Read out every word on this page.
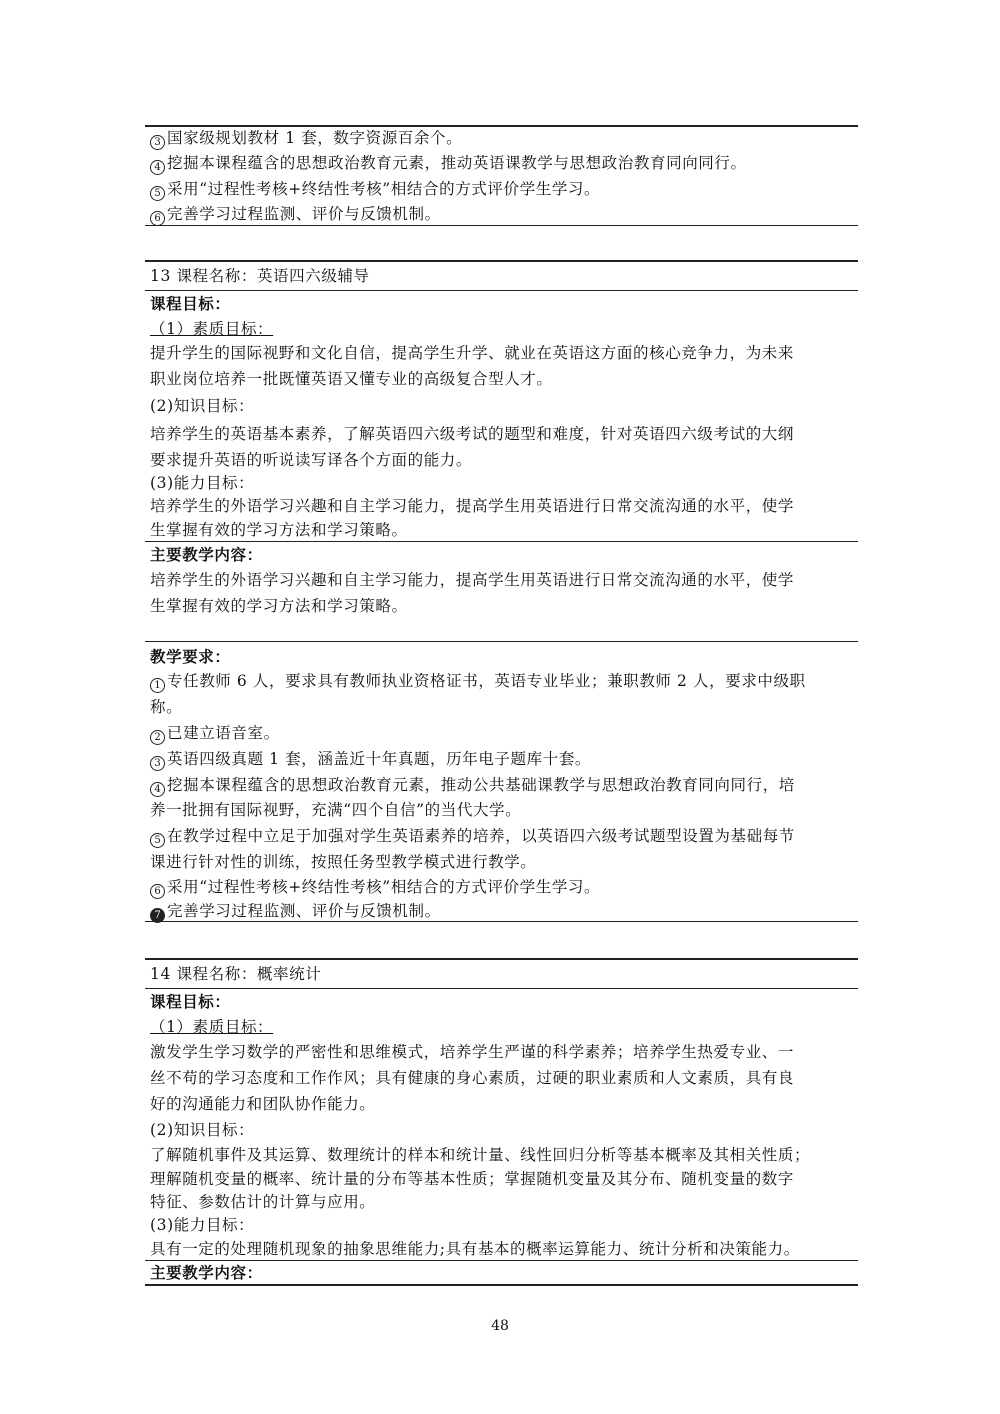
3 国家级规划教材 1 套，数字资源百余个。
4 挖掘本课程蕴含的思想政治教育元素，推动英语课教学与思想政治教育同向同行。
5 采用“过程性考核+终结性考核”相结合的方式评价学生学习。
6 完善学习过程监测、评价与反馈机制。
13 课程名称：英语四六级辅导
课程目标：
（1）素质目标：
提升学生的国际视野和文化自信，提高学生升学、就业在英语这方面的核心竞争力，为未来
职业岗位培养一批既懂英语又懂专业的高级复合型人才。
(2)知识目标：
培养学生的英语基本素养，了解英语四六级考试的题型和难度，针对英语四六级考试的大纲
要求提升英语的听说读写译各个方面的能力。
(3)能力目标：
培养学生的外语学习兴趣和自主学习能力，提高学生用英语进行日常交流沟通的水平，使学
生掌握有效的学习方法和学习策略。
主要教学内容：
培养学生的外语学习兴趣和自主学习能力，提高学生用英语进行日常交流沟通的水平，使学
生掌握有效的学习方法和学习策略。
教学要求：
1 专任教师 6 人，要求具有教师执业资格证书，英语专业毕业；兼职教师 2 人，要求中级职
称。
2 已建立语音室。
3 英语四级真题 1 套，涵盖近十年真题，历年电子题库十套。
4 挖掘本课程蕴含的思想政治教育元素，推动公共基础课教学与思想政治教育同向同行，培
养一批拥有国际视野，充满“四个自信”的当代大学。
5 在教学过程中立足于加强对学生英语素养的培养，以英语四六级考试题型设置为基础每节
课进行针对性的训练，按照任务型教学模式进行教学。
6 采用“过程性考核+终结性考核”相结合的方式评价学生学习。
7 完善学习过程监测、评价与反馈机制。
14 课程名称：概率统计
课程目标：
（1）素质目标：
激发学生学习数学的严密性和思维模式，培养学生严谨的科学素养；培养学生热爱专业、一
丝不苟的学习态度和工作作风；具有健康的身心素质，过硬的职业素质和人文素质，具有良
好的沟通能力和团队协作能力。
(2)知识目标：
了解随机事件及其运算、数理统计的样本和统计量、线性回归分析等基本概率及其相关性质；
理解随机变量的概率、统计量的分布等基本性质；掌握随机变量及其分布、随机变量的数字
特征、参数估计的计算与应用。
(3)能力目标：
具有一定的处理随机现象的抽象思维能力;具有基本的概率运算能力、统计分析和决策能力。
主要教学内容：
48
